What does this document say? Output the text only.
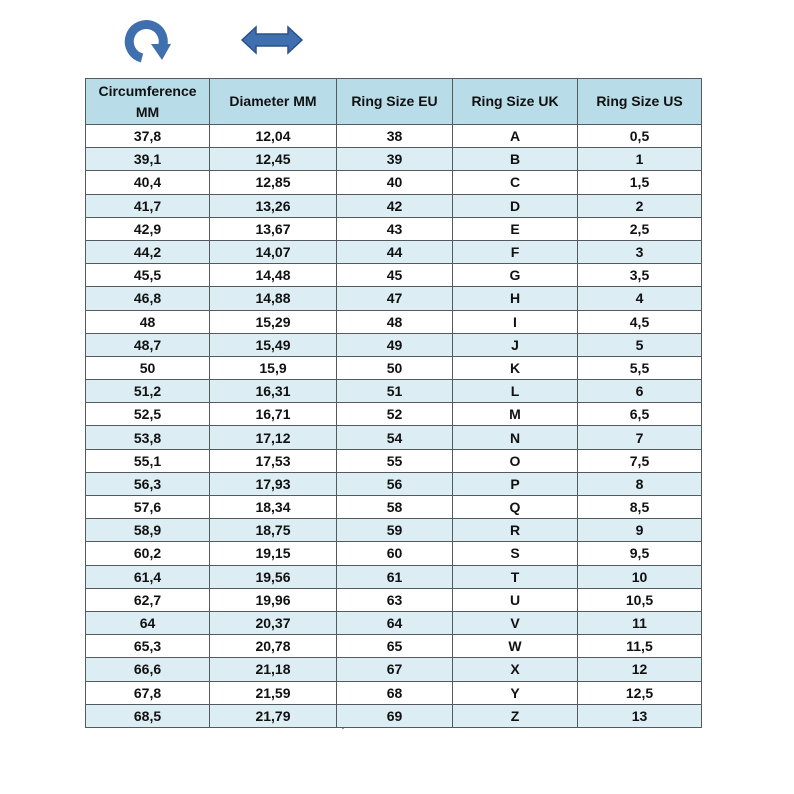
Circumference MM	Diameter MM	Ring Size EU	Ring Size UK	Ring Size US
37,8	12,04	38	A	0,5
39,1	12,45	39	B	1
40,4	12,85	40	C	1,5
41,7	13,26	42	D	2
42,9	13,67	43	E	2,5
44,2	14,07	44	F	3
45,5	14,48	45	G	3,5
46,8	14,88	47	H	4
48	15,29	48	I	4,5
48,7	15,49	49	J	5
50	15,9	50	K	5,5
51,2	16,31	51	L	6
52,5	16,71	52	M	6,5
53,8	17,12	54	N	7
55,1	17,53	55	O	7,5
56,3	17,93	56	P	8
57,6	18,34	58	Q	8,5
58,9	18,75	59	R	9
60,2	19,15	60	S	9,5
61,4	19,56	61	T	10
62,7	19,96	63	U	10,5
64	20,37	64	V	11
65,3	20,78	65	W	11,5
66,6	21,18	67	X	12
67,8	21,59	68	Y	12,5
68,5	21,79	69	Z	13
